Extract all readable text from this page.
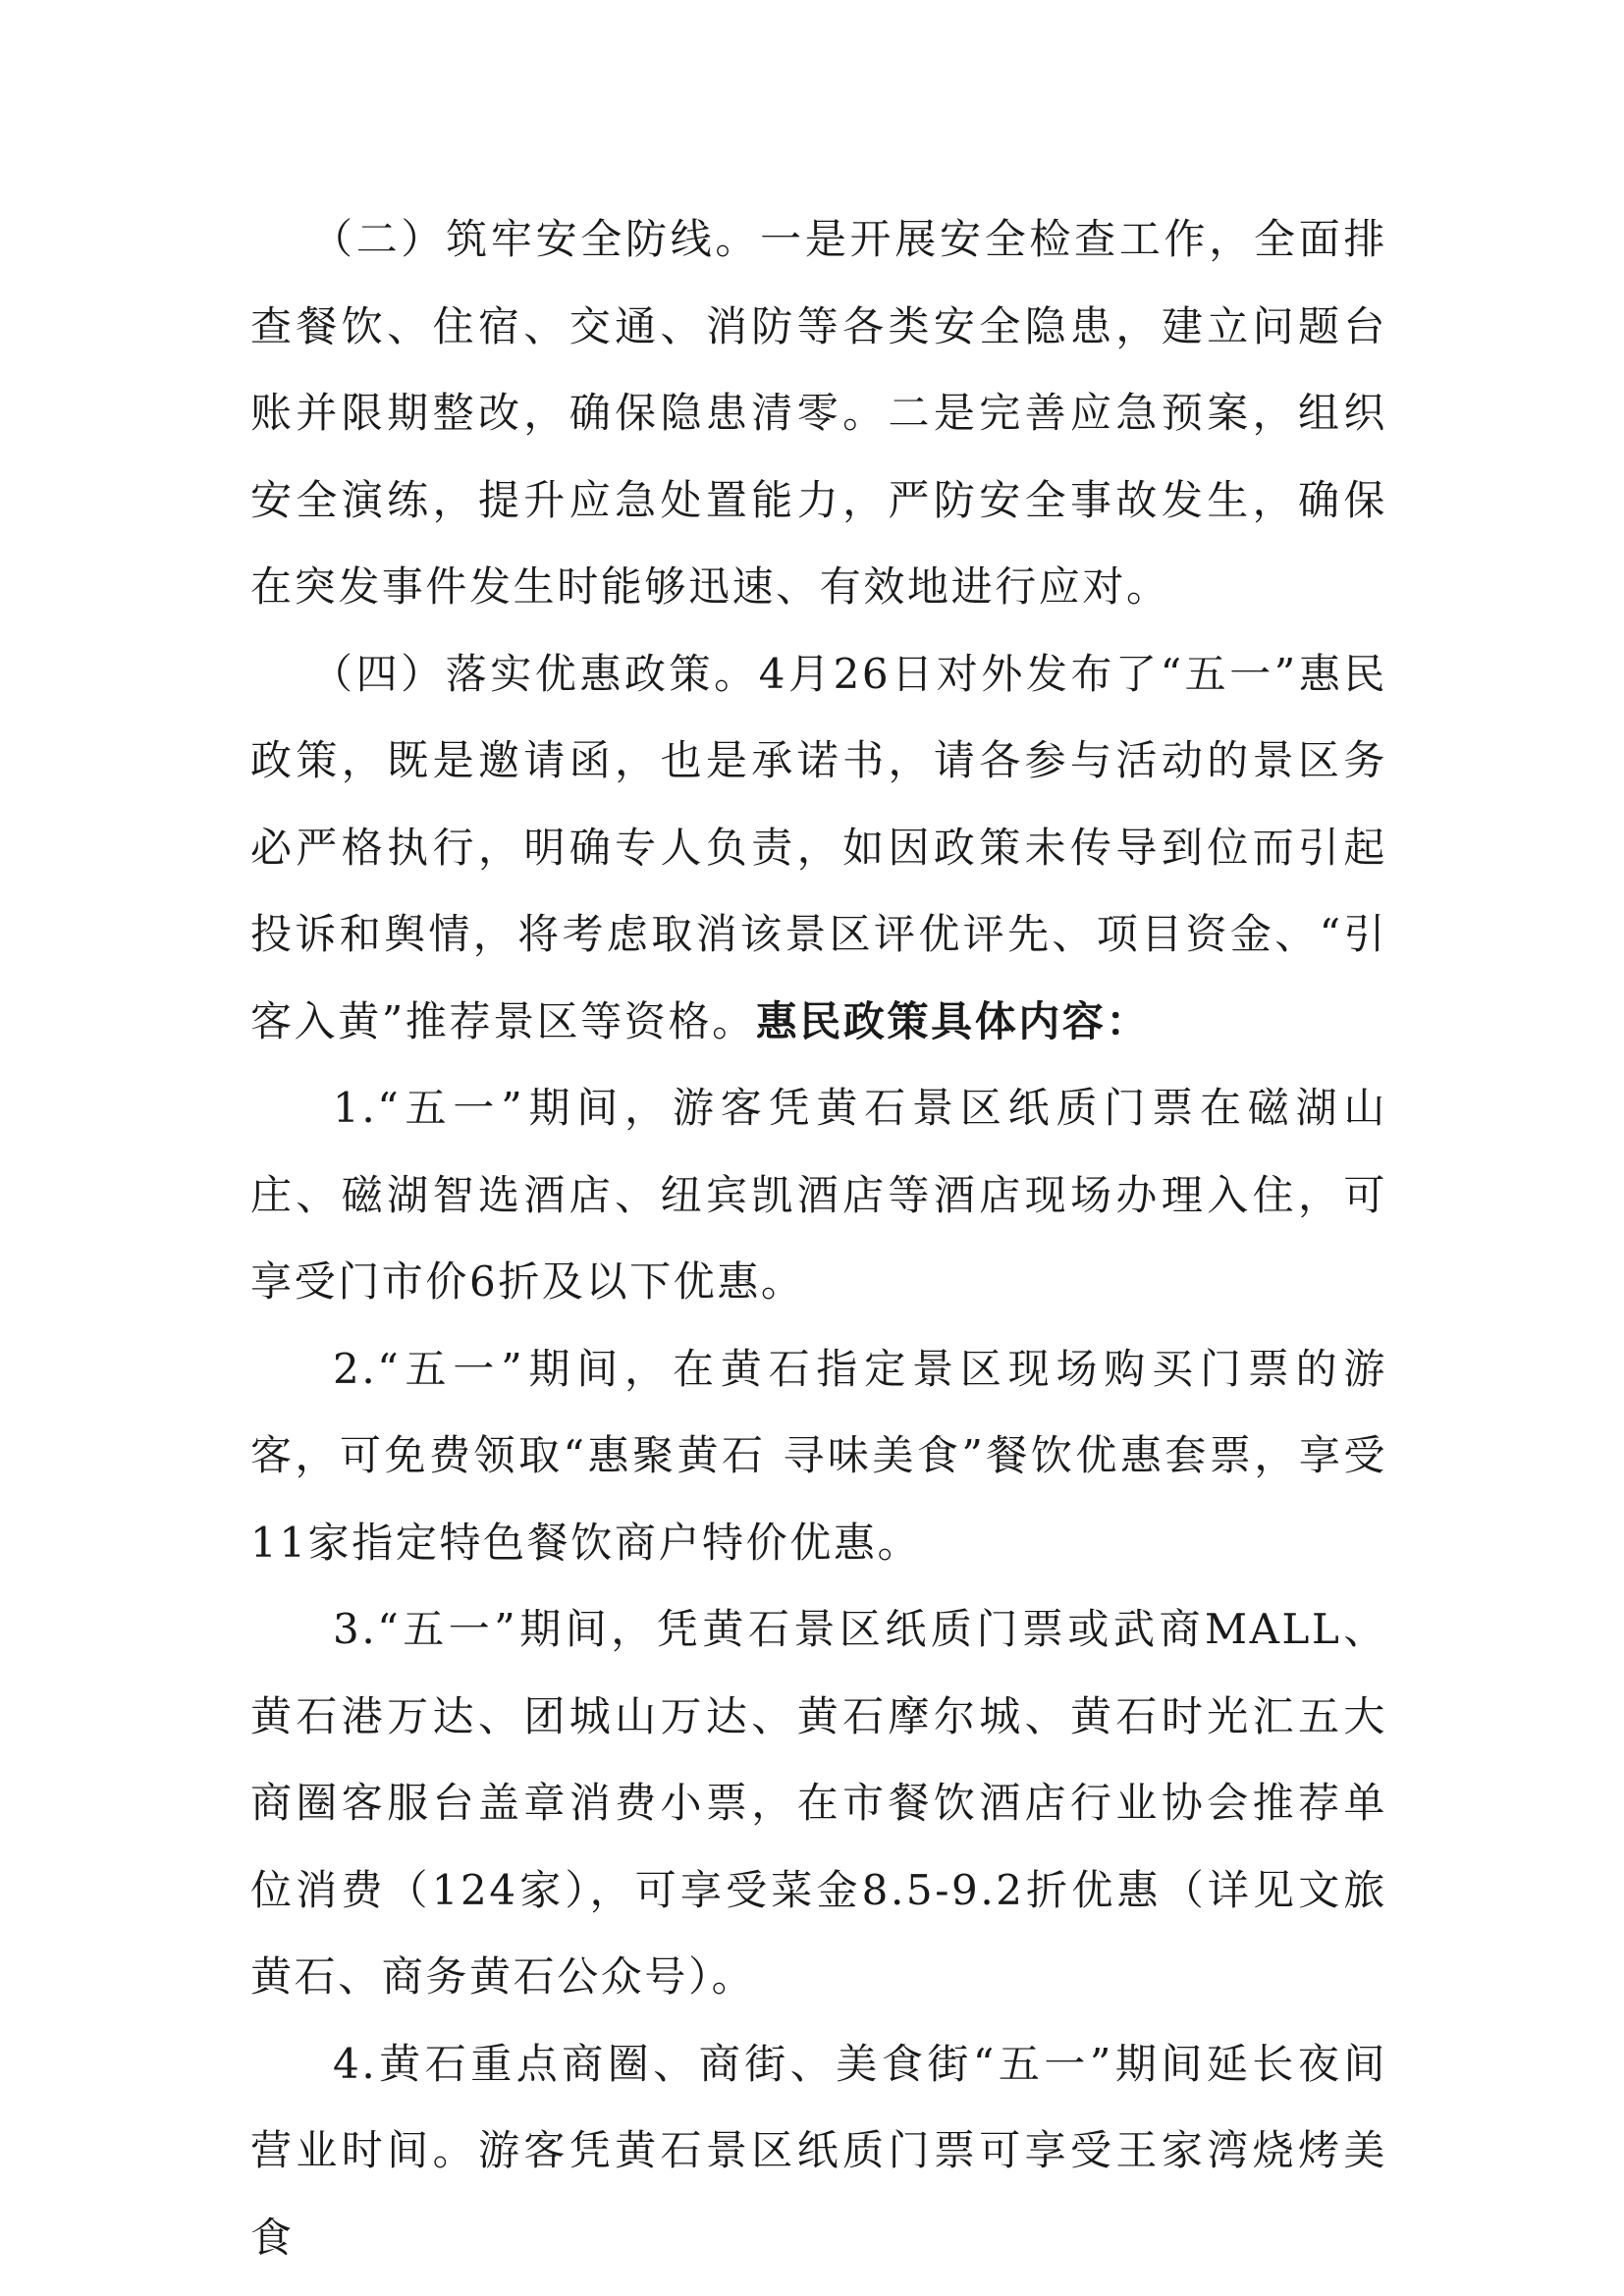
（二）筑牢安全防线。一是开展安全检查工作，全面排查餐饮、住宿、交通、消防等各类安全隐患，建立问题台账并限期整改，确保隐患清零。二是完善应急预案，组织安全演练，提升应急处置能力，严防安全事故发生，确保在突发事件发生时能够迅速、有效地进行应对。

（四）落实优惠政策。4月26日对外发布了“五一”惠民政策，既是邀请函，也是承诺书，请各参与活动的景区务必严格执行，明确专人负责，如因政策未传导到位而引起投诉和舆情，将考虑取消该景区评优评先、项目资金、“引客入黄”推荐景区等资格。惠民政策具体内容：

1.“五一”期间，游客凭黄石景区纸质门票在磁湖山庄、磁湖智选酒店、纽宾凯酒店等酒店现场办理入住，可享受门市价6折及以下优惠。

2.“五一”期间，在黄石指定景区现场购买门票的游客，可免费领取“惠聚黄石 寻味美食”餐饮优惠套票，享受11家指定特色餐饮商户特价优惠。

3.“五一”期间，凭黄石景区纸质门票或武商MALL、黄石港万达、团城山万达、黄石摩尔城、黄石时光汇五大商圈客服台盖章消费小票，在市餐饮酒店行业协会推荐单位消费（124家），可享受菜金8.5-9.2折优惠（详见文旅黄石、商务黄石公众号）。

4.黄石重点商圈、商街、美食街“五一”期间延长夜间营业时间。游客凭黄石景区纸质门票可享受王家湾烧烤美食
